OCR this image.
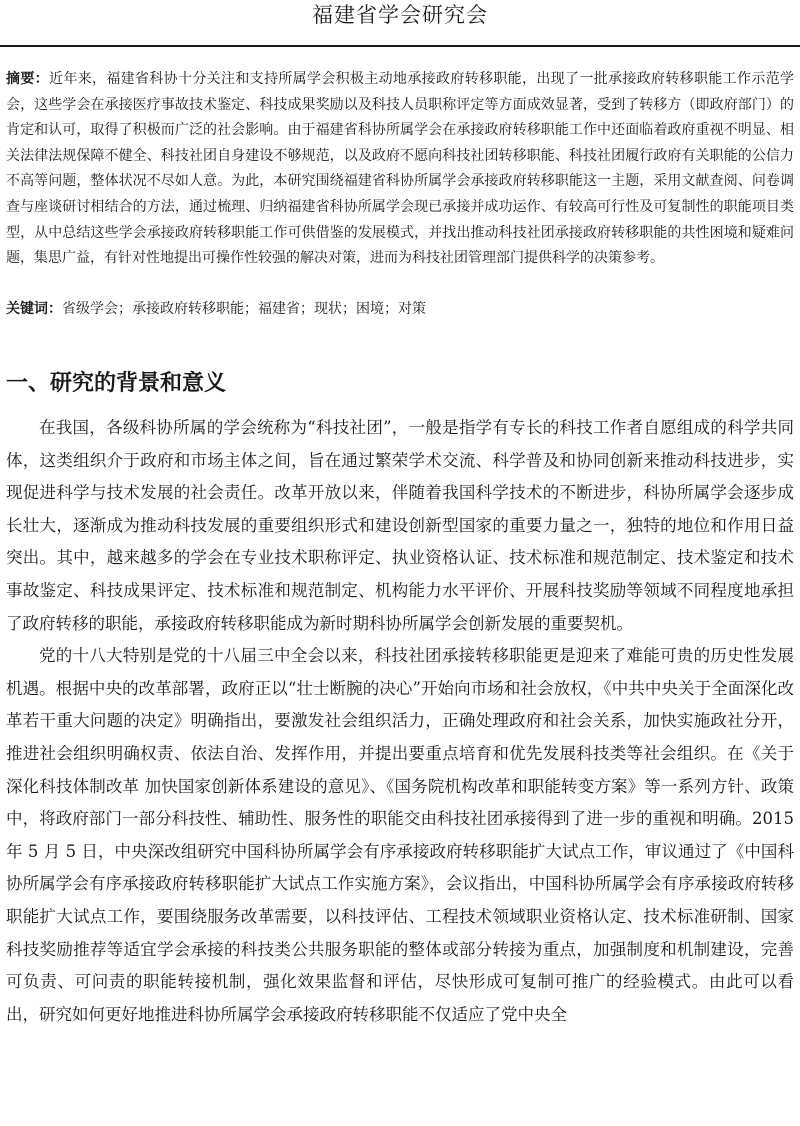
福建省学会研究会
摘要：近年来，福建省科协十分关注和支持所属学会积极主动地承接政府转移职能，出现了一批承接政府转移职能工作示范学会，这些学会在承接医疗事故技术鉴定、科技成果奖励以及科技人员职称评定等方面成效显著，受到了转移方（即政府部门）的肯定和认可，取得了积极而广泛的社会影响。由于福建省科协所属学会在承接政府转移职能工作中还面临着政府重视不明显、相关法律法规保障不健全、科技社团自身建设不够规范，以及政府不愿向科技社团转移职能、科技社团履行政府有关职能的公信力不高等问题，整体状况不尽如人意。为此，本研究围绕福建省科协所属学会承接政府转移职能这一主题，采用文献查阅、问卷调查与座谈研讨相结合的方法，通过梳理、归纳福建省科协所属学会现已承接并成功运作、有较高可行性及可复制性的职能项目类型，从中总结这些学会承接政府转移职能工作可供借鉴的发展模式，并找出推动科技社团承接政府转移职能的共性困境和疑难问题，集思广益，有针对性地提出可操作性较强的解决对策，进而为科技社团管理部门提供科学的决策参考。
关键词：省级学会；承接政府转移职能；福建省；现状；困境；对策
一、研究的背景和意义

在我国，各级科协所属的学会统称为“科技社团”，一般是指学有专长的科技工作者自愿组成的科学共同体，这类组织介于政府和市场主体之间，旨在通过繁荣学术交流、科学普及和协同创新来推动科技进步，实现促进科学与技术发展的社会责任。改革开放以来，伴随着我国科学技术的不断进步，科协所属学会逐步成长壮大，逐渐成为推动科技发展的重要组织形式和建设创新型国家的重要力量之一，独特的地位和作用日益突出。其中，越来越多的学会在专业技术职称评定、执业资格认证、技术标准和规范制定、技术鉴定和技术事故鉴定、科技成果评定、技术标准和规范制定、机构能力水平评价、开展科技奖励等领域不同程度地承担了政府转移的职能，承接政府转移职能成为新时期科协所属学会创新发展的重要契机。

党的十八大特别是党的十八届三中全会以来，科技社团承接转移职能更是迎来了难能可贵的历史性发展机遇。根据中央的改革部署，政府正以“壮士断腕的决心”开始向市场和社会放权，《中共中央关于全面深化改革若干重大问题的决定》明确指出，要激发社会组织活力，正确处理政府和社会关系，加快实施政社分开，推进社会组织明确权责、依法自治、发挥作用，并提出要重点培育和优先发展科技类等社会组织。在《关于深化科技体制改革 加快国家创新体系建设的意见》、《国务院机构改革和职能转变方案》等一系列方针、政策中，将政府部门一部分科技性、辅助性、服务性的职能交由科技社团承接得到了进一步的重视和明确。2015 年 5 月 5 日，中央深改组研究中国科协所属学会有序承接政府转移职能扩大试点工作，审议通过了《中国科协所属学会有序承接政府转移职能扩大试点工作实施方案》，会议指出，中国科协所属学会有序承接政府转移职能扩大试点工作，要围绕服务改革需要，以科技评估、工程技术领域职业资格认定、技术标准研制、国家科技奖励推荐等适宜学会承接的科技类公共服务职能的整体或部分转接为重点，加强制度和机制建设，完善可负责、可问责的职能转接机制，强化效果监督和评估，尽快形成可复制可推广的经验模式。由此可以看出，研究如何更好地推进科协所属学会承接政府转移职能不仅适应了党中央全
